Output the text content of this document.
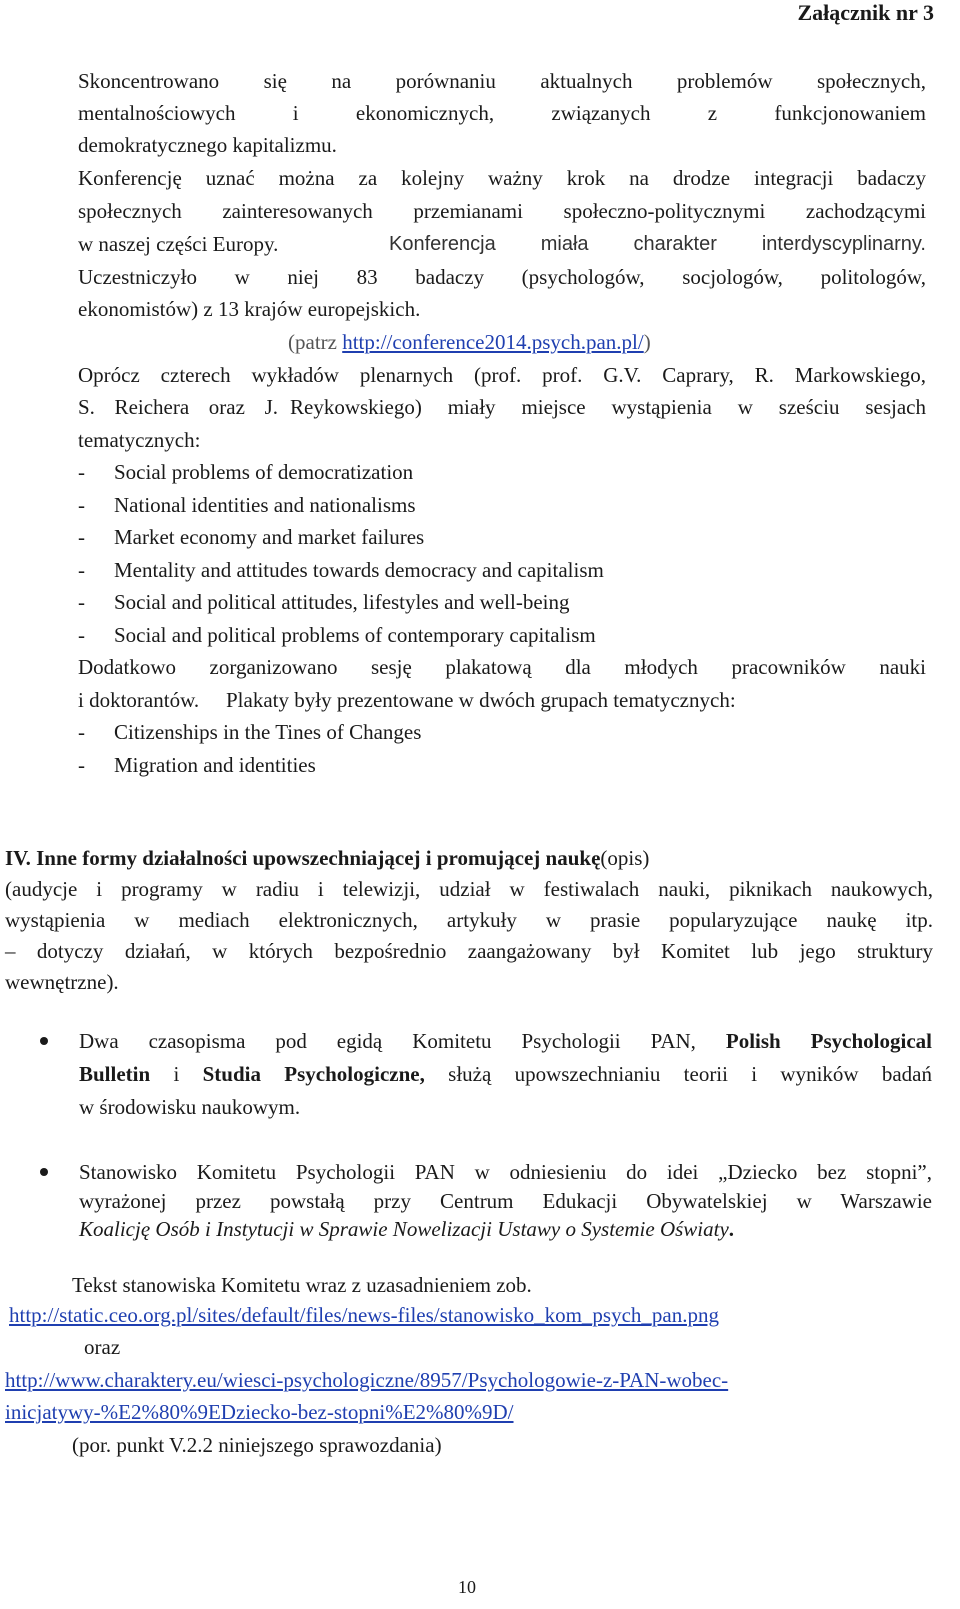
Załącznik nr 3
Skoncentrowano się na porównaniu aktualnych problemów społecznych,
mentalnościowych i ekonomicznych, związanych z funkcjonowaniem
demokratycznego kapitalizmu.
Konferencję uznać można za kolejny ważny krok na drodze integracji badaczy
społecznych zainteresowanych przemianami społeczno-politycznymi zachodzącymi
w naszej części Europy.	Konferencja miała charakter interdyscyplinarny.
Uczestniczyło w niej 83 badaczy (psychologów, socjologów, politologów,
ekonomistów) z 13 krajów europejskich.
(patrz http://conference2014.psych.pan.pl/)
Oprócz czterech wykładów plenarnych (prof. prof. G.V. Caprary, R. Markowskiego,
S. Reichera oraz J. Reykowskiego) miały miejsce wystąpienia w sześciu sesjach
tematycznych:
- Social problems of democratization
- National identities and nationalisms
- Market economy and market failures
- Mentality and attitudes towards democracy and capitalism
- Social and political attitudes, lifestyles and well-being
- Social and political problems of contemporary capitalism
Dodatkowo zorganizowano sesję plakatową dla młodych pracowników nauki
i doktorantów. Plakaty były prezentowane w dwóch grupach tematycznych:
- Citizenships in the Tines of Changes
- Migration and identities
IV. Inne formy działalności upowszechniającej i promującej naukę(opis)
(audycje i programy w radiu i telewizji, udział w festiwalach nauki, piknikach naukowych,
wystąpienia w mediach elektronicznych, artykuły w prasie popularyzujące naukę itp.
– dotyczy działań, w których bezpośrednio zaangażowany był Komitet lub jego struktury
wewnętrzne).
Dwa czasopisma pod egidą Komitetu Psychologii PAN, Polish Psychological
Bulletin i Studia Psychologiczne, służą upowszechnianiu teorii i wyników badań
w środowisku naukowym.
Stanowisko Komitetu Psychologii PAN w odniesieniu do idei „Dziecko bez stopni”,
wyrażonej przez powstałą przy Centrum Edukacji Obywatelskiej w Warszawie
Koalicję Osób i Instytucji w Sprawie Nowelizacji Ustawy o Systemie Oświaty.
Tekst stanowiska Komitetu wraz z uzasadnieniem zob.
http://static.ceo.org.pl/sites/default/files/news-files/stanowisko_kom_psych_pan.png
oraz
http://www.charaktery.eu/wiesci-psychologiczne/8957/Psychologowie-z-PAN-wobec-
inicjatywy-%E2%80%9EDziecko-bez-stopni%E2%80%9D/
(por. punkt V.2.2 niniejszego sprawozdania)
10
